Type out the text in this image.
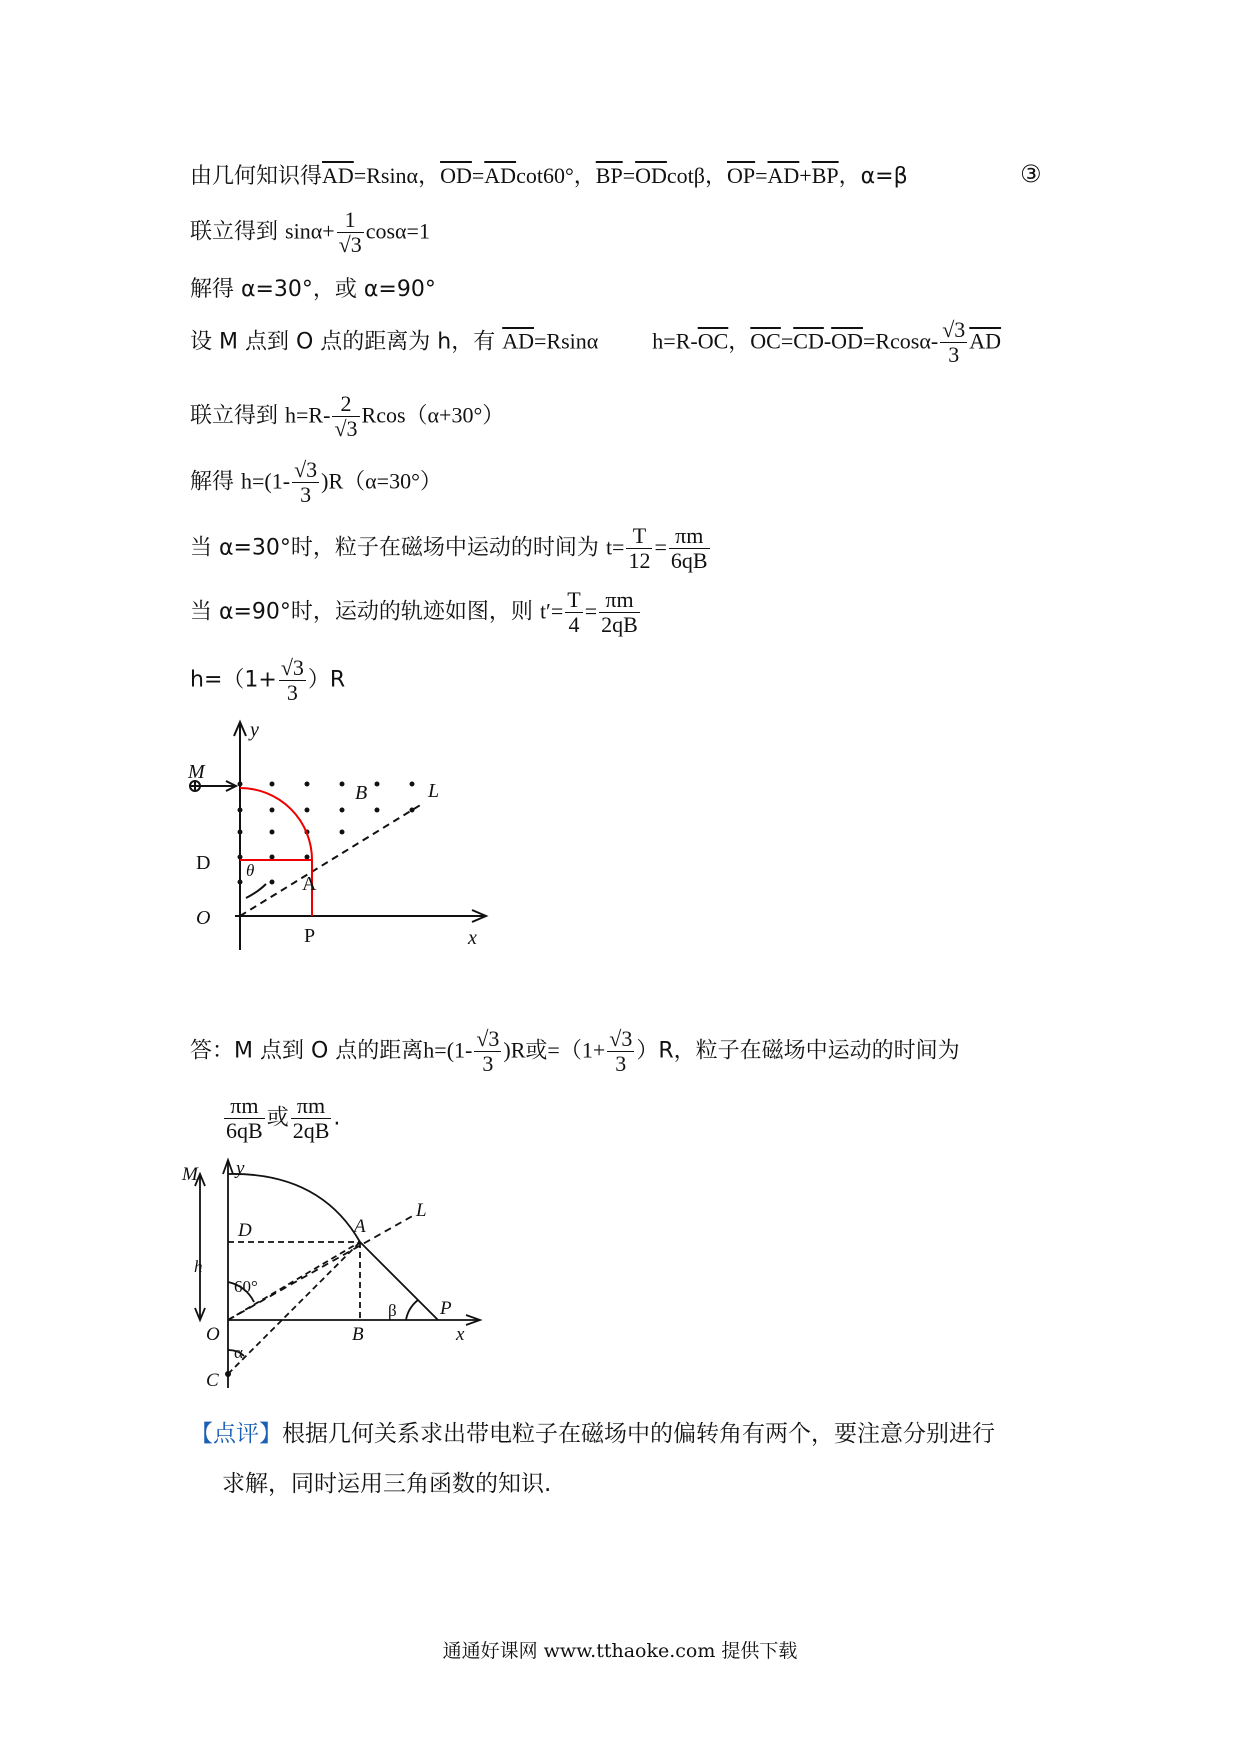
由几何知识得$\overline{AD}=Rsin\alpha$，$\overline{OD}=\overline{AD}\cot 60^\circ$，$\overline{BP}=\overline{OD}\cot\beta$，$\overline{OP}=\overline{AD}+\overline{BP}$，α=β	③
联立得到 $\sin\alpha+ \frac{1}{√3} \cos\alpha=1$
解得 α=30°，或 α=90°
设 M 点到 O 点的距离为 h，有 $\overline{AD}=Rsin\alpha$ $h=R-\overline{OC}$，$\overline{OC}=\overline{CD}-\overline{OD}=Rcos\alpha- \frac{√3}{3} \overline{AD}$
联立得到 $h=R- \frac{2}{√3} Rcos(\alpha+30^\circ)$
解得 $h=(1- \frac{√3}{3} )R(\alpha=30^\circ)$
当 α=30°时，粒子在磁场中运动的时间为 $t= \frac{T}{12} = \frac{\pi m}{6qB}$
当 α=90°时，运动的轨迹如图，则 $t'= \frac{T}{4} = \frac{\pi m}{2qB}$
$h=(1+ \frac{√3}{3} )R$
y
M
B	L
D θ
A
O
P	x
答：M 点到 O 点的距离$h=(1- \frac{√3}{3} )R$或$=(1+ \frac{√3}{3} )R$，粒子在磁场中运动的时间为
$\frac{\pi m}{6qB}$ 或 $\frac{\pi m}{2qB}$ .
y
M
L
D	A
h
60°
β P
O	B	x
α
C
【点评】根据几何关系求出带电粒子在磁场中的偏转角有两个，要注意分别进行
求解，同时运用三角函数的知识.
通通好课网 www.tthaoke.com 提供下载
